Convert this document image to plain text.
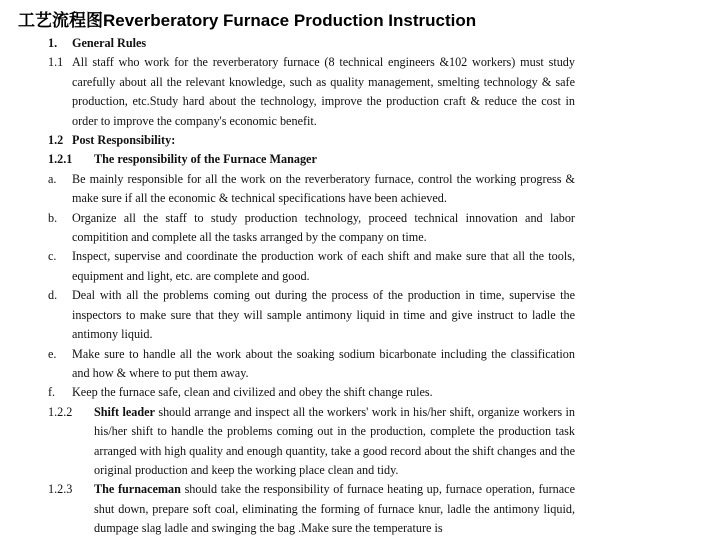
工艺流程图Reverberatory Furnace Production Instruction
1.	General Rules
1.1 All staff who work for the reverberatory furnace (8 technical engineers &102 workers) must study carefully about all the relevant knowledge, such as quality management, smelting technology & safe production, etc.Study hard about the technology, improve the production craft & reduce the cost in order to improve the company's economic benefit.
1.2 Post Responsibility:
1.2.1	The responsibility of the Furnace Manager
a.	Be mainly responsible for all the work on the reverberatory furnace, control the working progress & make sure if all the economic & technical specifications have been achieved.
b.	Organize all the staff to study production technology, proceed technical innovation and labor compitition and complete all the tasks arranged by the company on time.
c.	Inspect, supervise and coordinate the production work of each shift and make sure that all the tools, equipment and light, etc. are complete and good.
d.	Deal with all the problems coming out during the process of the production in time, supervise the inspectors to make sure that they will sample antimony liquid in time and give instruct to ladle the antimony liquid.
e.	Make sure to handle all the work about the soaking sodium bicarbonate including the classification and how & where to put them away.
f.	Keep the furnace safe, clean and civilized and obey the shift change rules.
1.2.2	Shift leader should arrange and inspect all the workers' work in his/her shift, organize workers in his/her shift to handle the problems coming out in the production, complete the production task arranged with high quality and enough quantity, take a good record about the shift changes and the original production and keep the working place clean and tidy.
1.2.3	The furnaceman should take the responsibility of furnace heating up, furnace operation, furnace shut down, prepare soft coal, eliminating the forming of furnace knur, ladle the antimony liquid, dumpage slag ladle and swinging the bag .Make sure the temperature is
